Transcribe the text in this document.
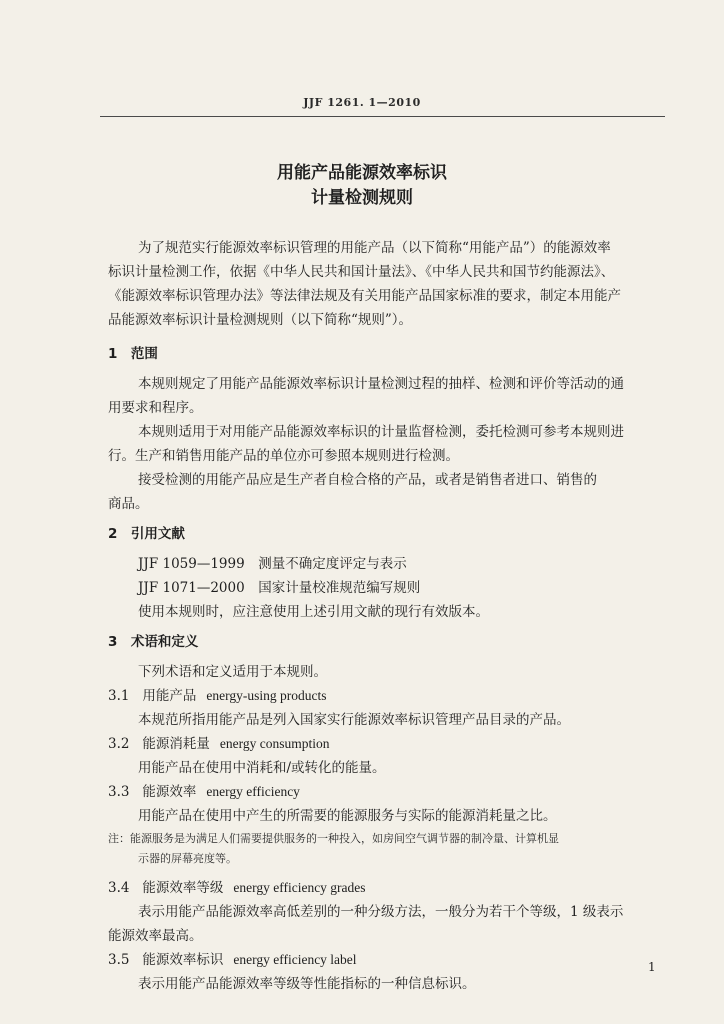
JJF 1261. 1—2010
用能产品能源效率标识
计量检测规则
为了规范实行能源效率标识管理的用能产品（以下简称“用能产品”）的能源效率
标识计量检测工作，依据《中华人民共和国计量法》、《中华人民共和国节约能源法》、
《能源效率标识管理办法》等法律法规及有关用能产品国家标准的要求，制定本用能产
品能源效率标识计量检测规则（以下简称“规则”）。
1　范围
本规则规定了用能产品能源效率标识计量检测过程的抽样、检测和评价等活动的通
用要求和程序。
本规则适用于对用能产品能源效率标识的计量监督检测，委托检测可参考本规则进
行。生产和销售用能产品的单位亦可参照本规则进行检测。
接受检测的用能产品应是生产者自检合格的产品，或者是销售者进口、销售的
商品。
2　引用文献
JJF 1059—1999　测量不确定度评定与表示
JJF 1071—2000　国家计量校准规范编写规则
使用本规则时，应注意使用上述引用文献的现行有效版本。
3　术语和定义
下列术语和定义适用于本规则。
3.1 用能产品 energy-using products
本规范所指用能产品是列入国家实行能源效率标识管理产品目录的产品。
3.2 能源消耗量 energy consumption
用能产品在使用中消耗和/或转化的能量。
3.3 能源效率 energy efficiency
用能产品在使用中产生的所需要的能源服务与实际的能源消耗量之比。
注：能源服务是为满足人们需要提供服务的一种投入，如房间空气调节器的制冷量、计算机显
示器的屏幕亮度等。
3.4 能源效率等级 energy efficiency grades
表示用能产品能源效率高低差别的一种分级方法，一般分为若干个等级，1 级表示
能源效率最高。
3.5 能源效率标识 energy efficiency label
表示用能产品能源效率等级等性能指标的一种信息标识。
1
